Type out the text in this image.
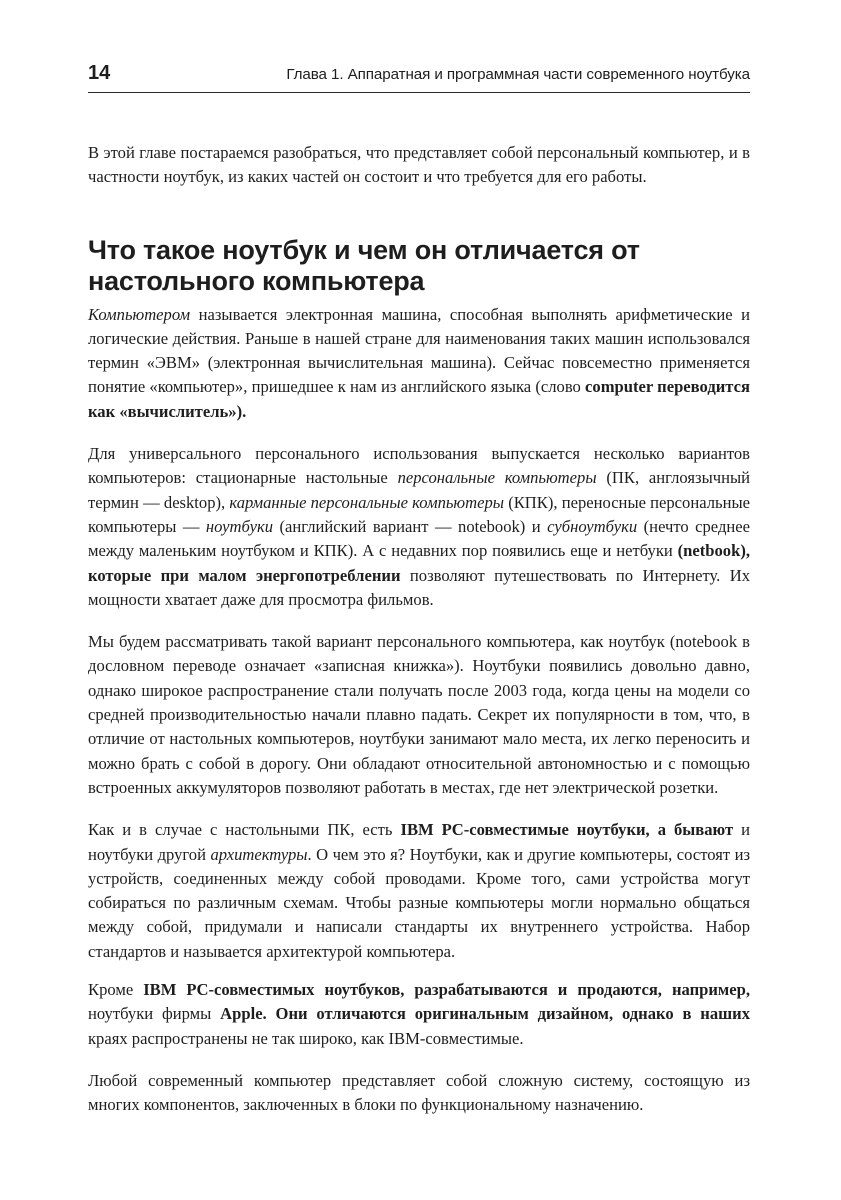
14	Глава 1. Аппаратная и программная части современного ноутбука

В этой главе постараемся разобраться, что представляет собой персональный компьютер, и в частности ноутбук, из каких частей он состоит и что требуется для его работы.

Что такое ноутбук и чем он отличается от настольного компьютера

Компьютером называется электронная машина, способная выполнять арифметические и логические действия. Раньше в нашей стране для наименования таких машин использовался термин «ЭВМ» (электронная вычислительная машина). Сейчас повсеместно применяется понятие «компьютер», пришедшее к нам из английского языка (слово computer переводится как «вычислитель»).

Для универсального персонального использования выпускается несколько вариантов компьютеров: стационарные настольные персональные компьютеры (ПК, англоязычный термин — desktop), карманные персональные компьютеры (КПК), переносные персональные компьютеры — ноутбуки (английский вариант — notebook) и субноутбуки (нечто среднее между маленьким ноутбуком и КПК). А с недавних пор появились еще и нетбуки (netbook), которые при малом энергопотреблении позволяют путешествовать по Интернету. Их мощности хватает даже для просмотра фильмов.

Мы будем рассматривать такой вариант персонального компьютера, как ноутбук (notebook в дословном переводе означает «записная книжка»). Ноутбуки появились довольно давно, однако широкое распространение стали получать после 2003 года, когда цены на модели со средней производительностью начали плавно падать. Секрет их популярности в том, что, в отличие от настольных компьютеров, ноутбуки занимают мало места, их легко переносить и можно брать с собой в дорогу. Они обладают относительной автономностью и с помощью встроенных аккумуляторов позволяют работать в местах, где нет электрической розетки.

Как и в случае с настольными ПК, есть IBM PC-совместимые ноутбуки, а бывают и ноутбуки другой архитектуры. О чем это я? Ноутбуки, как и другие компьютеры, состоят из устройств, соединенных между собой проводами. Кроме того, сами устройства могут собираться по различным схемам. Чтобы разные компьютеры могли нормально общаться между собой, придумали и написали стандарты их внутреннего устройства. Набор стандартов и называется архитектурой компьютера.

Кроме IBM PC-совместимых ноутбуков, разрабатываются и продаются, например, ноутбуки фирмы Apple. Они отличаются оригинальным дизайном, однако в наших краях распространены не так широко, как IBM-совместимые.

Любой современный компьютер представляет собой сложную систему, состоящую из многих компонентов, заключенных в блоки по функциональному назначению.
